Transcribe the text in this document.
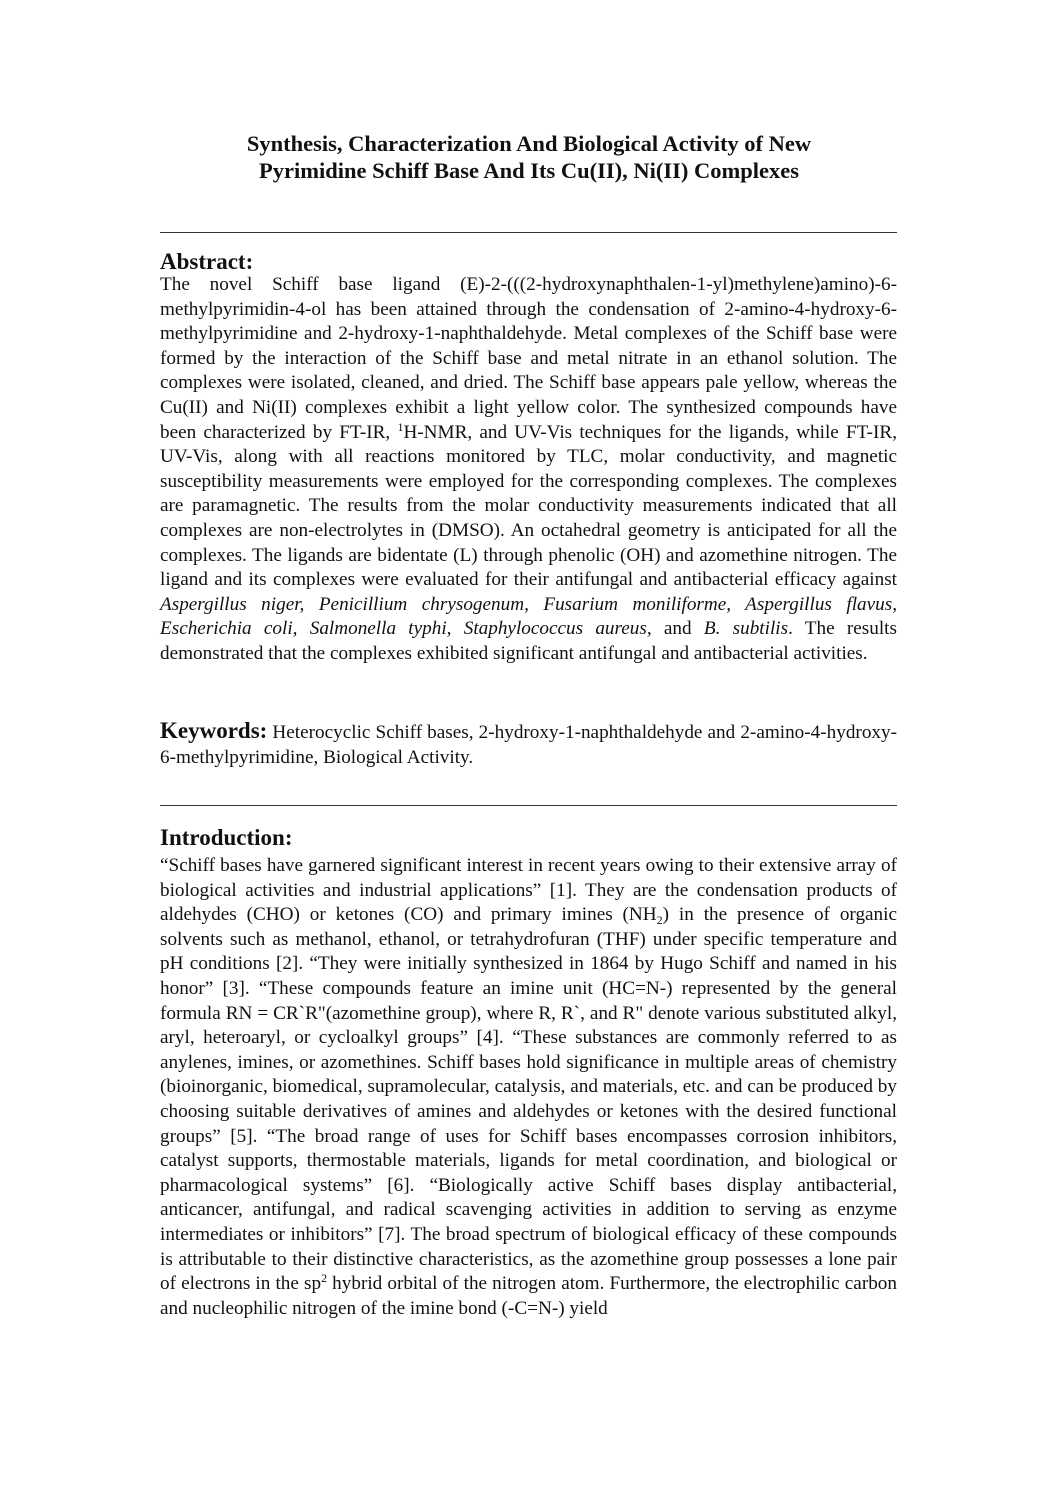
Synthesis, Characterization And Biological Activity of New
Pyrimidine Schiff Base And Its Cu(II), Ni(II) Complexes
Abstract:
The novel Schiff base ligand (E)-2-(((2-hydroxynaphthalen-1-yl)methylene)amino)-6-methylpyrimidin-4-ol has been attained through the condensation of 2-amino-4-hydroxy-6-methylpyrimidine and 2-hydroxy-1-naphthaldehyde. Metal complexes of the Schiff base were formed by the interaction of the Schiff base and metal nitrate in an ethanol solution. The complexes were isolated, cleaned, and dried. The Schiff base appears pale yellow, whereas the Cu(II) and Ni(II) complexes exhibit a light yellow color. The synthesized compounds have been characterized by FT-IR, $^1$H-NMR, and UV-Vis techniques for the ligands, while FT-IR, UV-Vis, along with all reactions monitored by TLC, molar conductivity, and magnetic susceptibility measurements were employed for the corresponding complexes. The complexes are paramagnetic. The results from the molar conductivity measurements indicated that all complexes are non-electrolytes in (DMSO). An octahedral geometry is anticipated for all the complexes. The ligands are bidentate (L) through phenolic (OH) and azomethine nitrogen. The ligand and its complexes were evaluated for their antifungal and antibacterial efficacy against Aspergillus niger, Penicillium chrysogenum, Fusarium moniliforme, Aspergillus flavus, Escherichia coli, Salmonella typhi, Staphylococcus aureus, and B. subtilis. The results demonstrated that the complexes exhibited significant antifungal and antibacterial activities.
Keywords: Heterocyclic Schiff bases, 2-hydroxy-1-naphthaldehyde and 2-amino-4-hydroxy-6-methylpyrimidine, Biological Activity.
Introduction:
“Schiff bases have garnered significant interest in recent years owing to their extensive array of biological activities and industrial applications” [1]. They are the condensation products of aldehydes (CHO) or ketones (CO) and primary imines $(NH_2)$ in the presence of organic solvents such as methanol, ethanol, or tetrahydrofuran (THF) under specific temperature and pH conditions [2]. “They were initially synthesized in 1864 by Hugo Schiff and named in his honor” [3]. “These compounds feature an imine unit (HC=N-) represented by the general formula RN = CR`R"(azomethine group), where R, R`, and R" denote various substituted alkyl, aryl, heteroaryl, or cycloalkyl groups” [4]. “These substances are commonly referred to as anylenes, imines, or azomethines. Schiff bases hold significance in multiple areas of chemistry (bioinorganic, biomedical, supramolecular, catalysis, and materials, etc. and can be produced by choosing suitable derivatives of amines and aldehydes or ketones with the desired functional groups” [5]. “The broad range of uses for Schiff bases encompasses corrosion inhibitors, catalyst supports, thermostable materials, ligands for metal coordination, and biological or pharmacological systems” [6]. “Biologically active Schiff bases display antibacterial, anticancer, antifungal, and radical scavenging activities in addition to serving as enzyme intermediates or inhibitors” [7]. The broad spectrum of biological efficacy of these compounds is attributable to their distinctive characteristics, as the azomethine group possesses a lone pair of electrons in the $sp^2$ hybrid orbital of the nitrogen atom. Furthermore, the electrophilic carbon and nucleophilic nitrogen of the imine bond (-C=N-) yield
